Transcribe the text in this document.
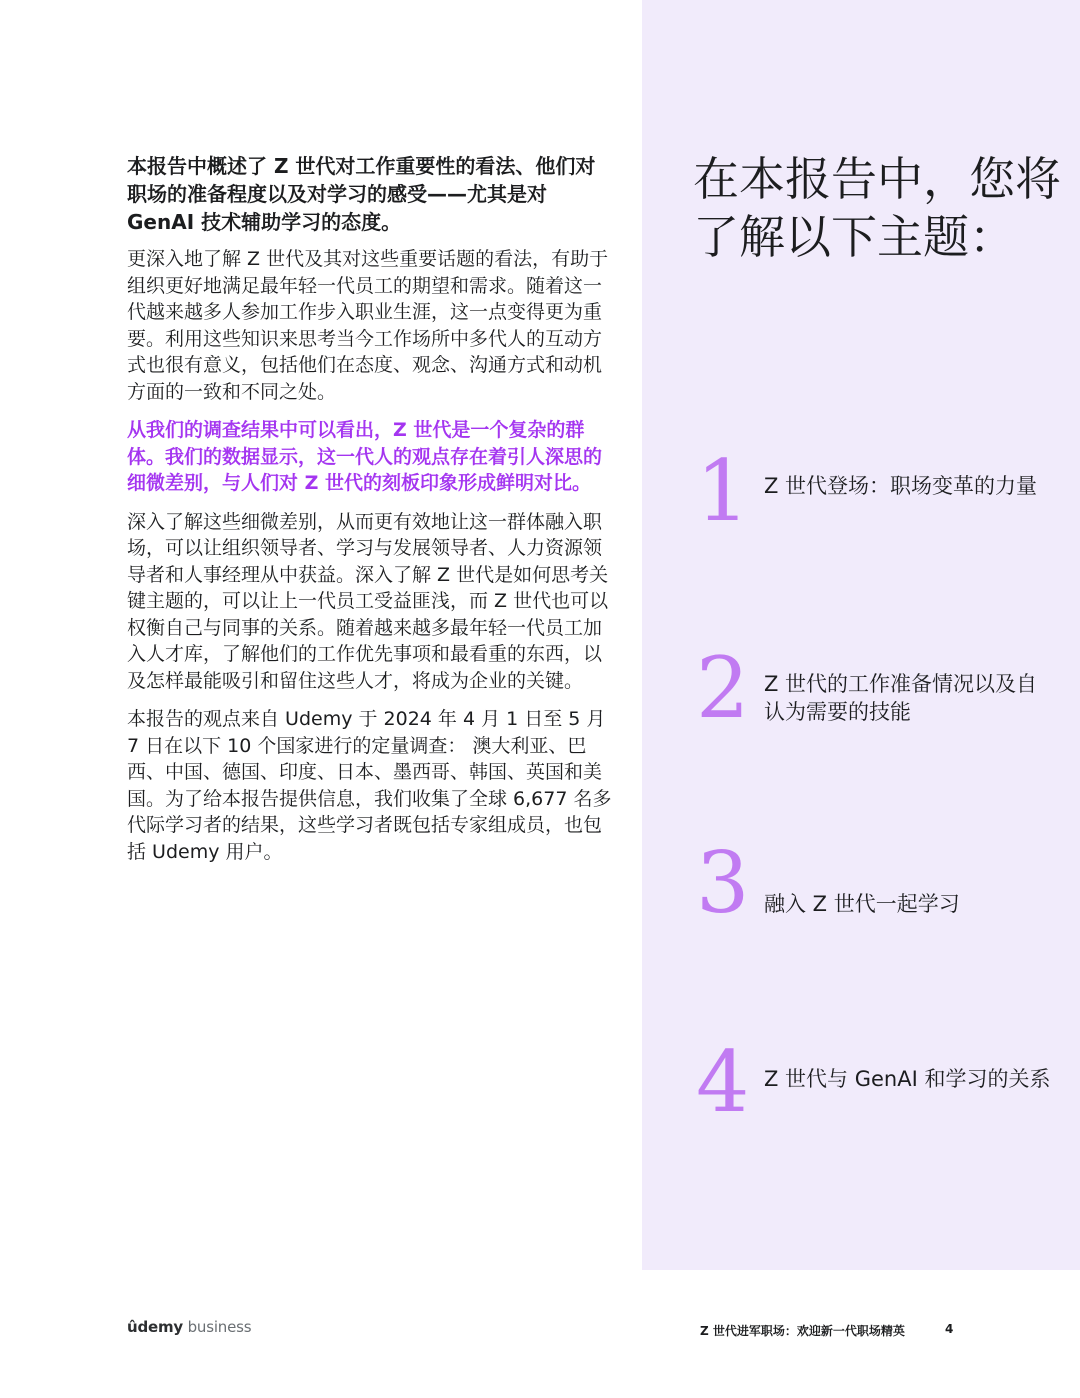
本报告中概述了 Z 世代对工作重要性的看法、他们对职场的准备程度以及对学习的感受——尤其是对 GenAI 技术辅助学习的态度。

更深入地了解 Z 世代及其对这些重要话题的看法，有助于组织更好地满足最年轻一代员工的期望和需求。随着这一代越来越多人参加工作步入职业生涯，这一点变得更为重要。利用这些知识来思考当今工作场所中多代人的互动方式也很有意义，包括他们在态度、观念、沟通方式和动机方面的一致和不同之处。

从我们的调查结果中可以看出，Z 世代是一个复杂的群体。我们的数据显示，这一代人的观点存在着引人深思的细微差别，与人们对 Z 世代的刻板印象形成鲜明对比。

深入了解这些细微差别，从而更有效地让这一群体融入职场，可以让组织领导者、学习与发展领导者、人力资源领导者和人事经理从中获益。深入了解 Z 世代是如何思考关键主题的，可以让上一代员工受益匪浅，而 Z 世代也可以权衡自己与同事的关系。随着越来越多最年轻一代员工加入人才库，了解他们的工作优先事项和最看重的东西，以及怎样最能吸引和留住这些人才，将成为企业的关键。

本报告的观点来自 Udemy 于 2024 年 4 月 1 日至 5 月 7 日在以下 10 个国家进行的定量调查： 澳大利亚、巴西、中国、德国、印度、日本、墨西哥、韩国、英国和美国。为了给本报告提供信息，我们收集了全球 6,677 名多代际学习者的结果，这些学习者既包括专家组成员，也包括 Udemy 用户。

在本报告中，您将了解以下主题：
1 Z 世代登场：职场变革的力量
2 Z 世代的工作准备情况以及自认为需要的技能
3 融入 Z 世代一起学习
4 Z 世代与 GenAI 和学习的关系
ûdemy business	Z 世代进军职场：欢迎新一代职场精英	4
